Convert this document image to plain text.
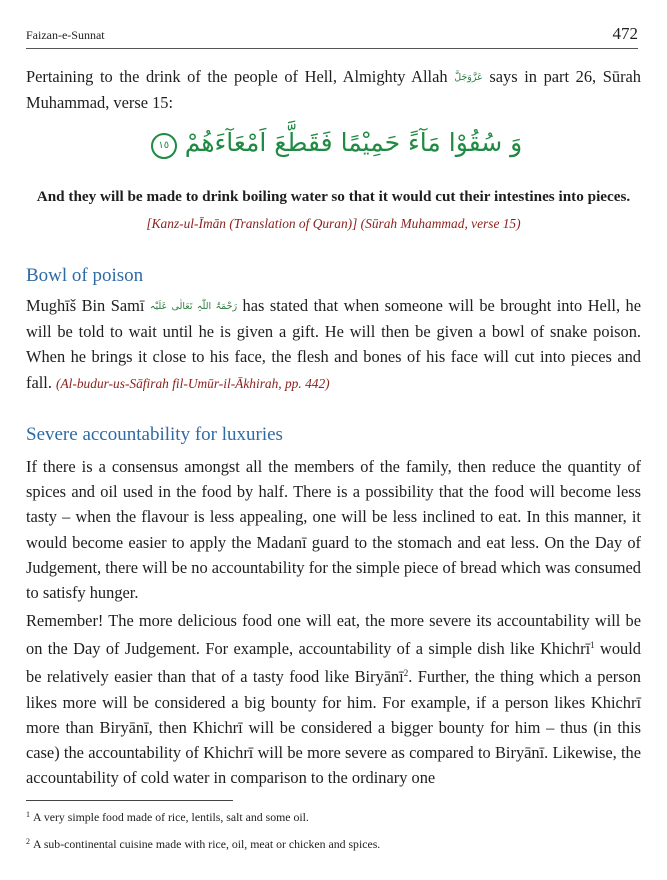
Faizan-e-Sunnat	472

Pertaining to the drink of the people of Hell, Almighty Allah عَزَّوَجَلَّ says in part 26, Sūrah Muhammad, verse 15:

وَ سُقُوْا مَآءً حَمِیْمًا فَقَطَّعَ اَمْعَآءَهُمْ ١٥
And they will be made to drink boiling water so that it would cut their intestines into pieces.
[Kanz-ul-Īmān (Translation of Quran)] (Sūrah Muhammad, verse 15)
Bowl of poison

Mughīš Bin Samī رَحْمَۃُ اللّٰہِ تَعَالٰی عَلَیْہ has stated that when someone will be brought into Hell, he will be told to wait until he is given a gift. He will then be given a bowl of snake poison. When he brings it close to his face, the flesh and bones of his face will cut into pieces and fall. (Al-budur-us-Sāfirah fil-Umūr-il-Ākhirah, pp. 442)

Severe accountability for luxuries

If there is a consensus amongst all the members of the family, then reduce the quantity of spices and oil used in the food by half. There is a possibility that the food will become less tasty – when the flavour is less appealing, one will be less inclined to eat. In this manner, it would become easier to apply the Madanī guard to the stomach and eat less. On the Day of Judgement, there will be no accountability for the simple piece of bread which was consumed to satisfy hunger.

Remember! The more delicious food one will eat, the more severe its accountability will be on the Day of Judgement. For example, accountability of a simple dish like Khichrī$^1$ would be relatively easier than that of a tasty food like Biryānī$^2$. Further, the thing which a person likes more will be considered a big bounty for him. For example, if a person likes Khichrī more than Biryānī, then Khichrī will be considered a bigger bounty for him – thus (in this case) the accountability of Khichrī will be more severe as compared to Biryānī. Likewise, the accountability of cold water in comparison to the ordinary one

$^1$ A very simple food made of rice, lentils, salt and some oil.
$^2$ A sub-continental cuisine made with rice, oil, meat or chicken and spices.
